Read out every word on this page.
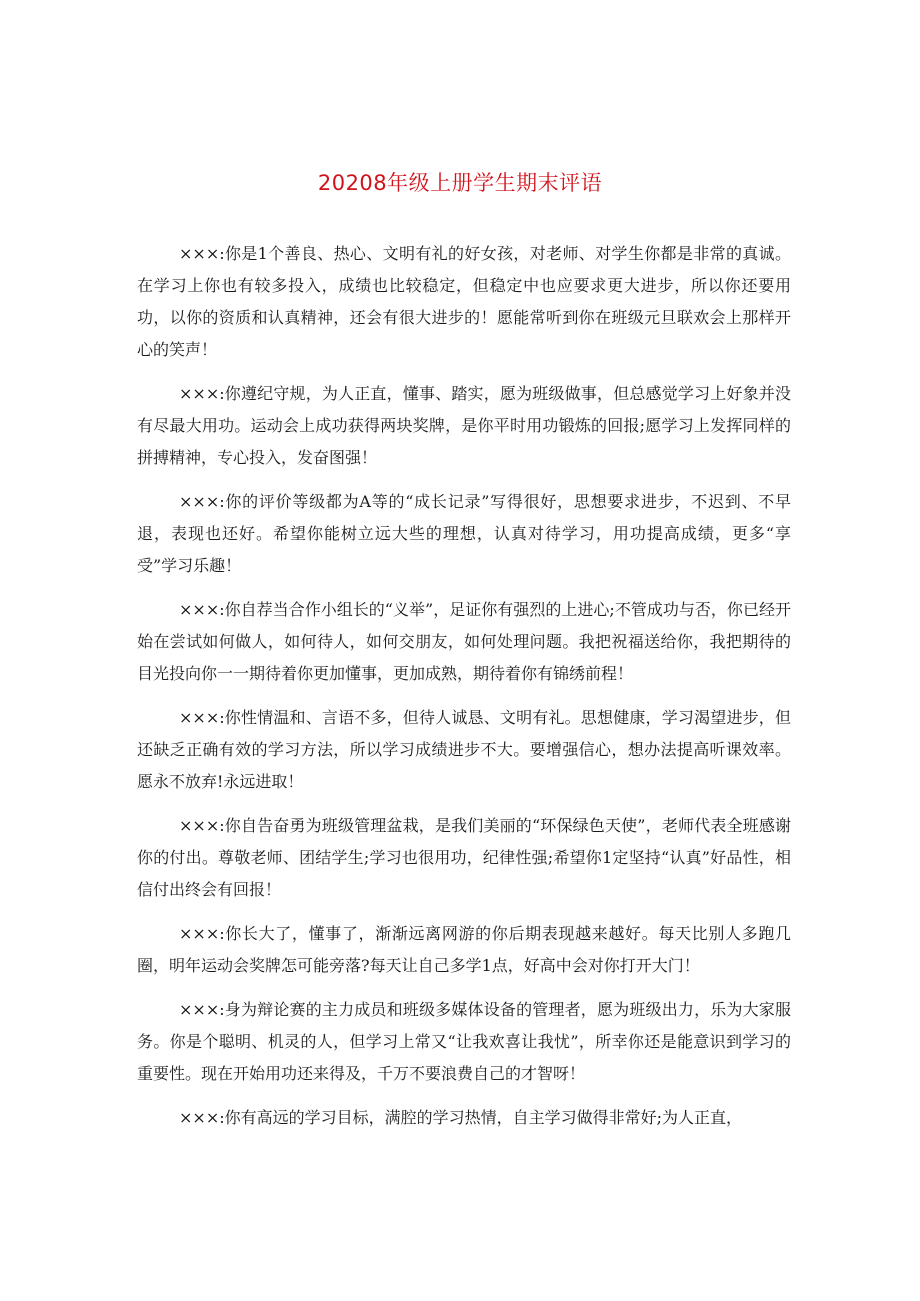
20208年级上册学生期末评语

×××:你是1个善良、热心、文明有礼的好女孩，对老师、对学生你都是非常的真诚。在学习上你也有较多投入，成绩也比较稳定，但稳定中也应要求更大进步，所以你还要用功，以你的资质和认真精神，还会有很大进步的！愿能常听到你在班级元旦联欢会上那样开心的笑声！

×××:你遵纪守规，为人正直，懂事、踏实，愿为班级做事，但总感觉学习上好象并没有尽最大用功。运动会上成功获得两块奖牌，是你平时用功锻炼的回报;愿学习上发挥同样的拼搏精神，专心投入，发奋图强！

×××:你的评价等级都为A等的“成长记录”写得很好，思想要求进步，不迟到、不早退，表现也还好。希望你能树立远大些的理想，认真对待学习，用功提高成绩，更多“享受”学习乐趣！

×××:你自荐当合作小组长的“义举”，足证你有强烈的上进心;不管成功与否，你已经开始在尝试如何做人，如何待人，如何交朋友，如何处理问题。我把祝福送给你，我把期待的目光投向你一一期待着你更加懂事，更加成熟，期待着你有锦绣前程！

×××:你性情温和、言语不多，但待人诚恳、文明有礼。思想健康，学习渴望进步，但还缺乏正确有效的学习方法，所以学习成绩进步不大。要增强信心，想办法提高听课效率。愿永不放弃!永远进取！

×××:你自告奋勇为班级管理盆栽，是我们美丽的“环保绿色天使”，老师代表全班感谢你的付出。尊敬老师、团结学生;学习也很用功，纪律性强;希望你1定坚持“认真”好品性，相信付出终会有回报！

×××:你长大了，懂事了，渐渐远离网游的你后期表现越来越好。每天比别人多跑几圈，明年运动会奖牌怎可能旁落?每天让自己多学1点，好高中会对你打开大门！

×××:身为辩论赛的主力成员和班级多媒体设备的管理者，愿为班级出力，乐为大家服务。你是个聪明、机灵的人，但学习上常又“让我欢喜让我忧”，所幸你还是能意识到学习的重要性。现在开始用功还来得及，千万不要浪费自己的才智呀！

×××:你有高远的学习目标，满腔的学习热情，自主学习做得非常好;为人正直，
